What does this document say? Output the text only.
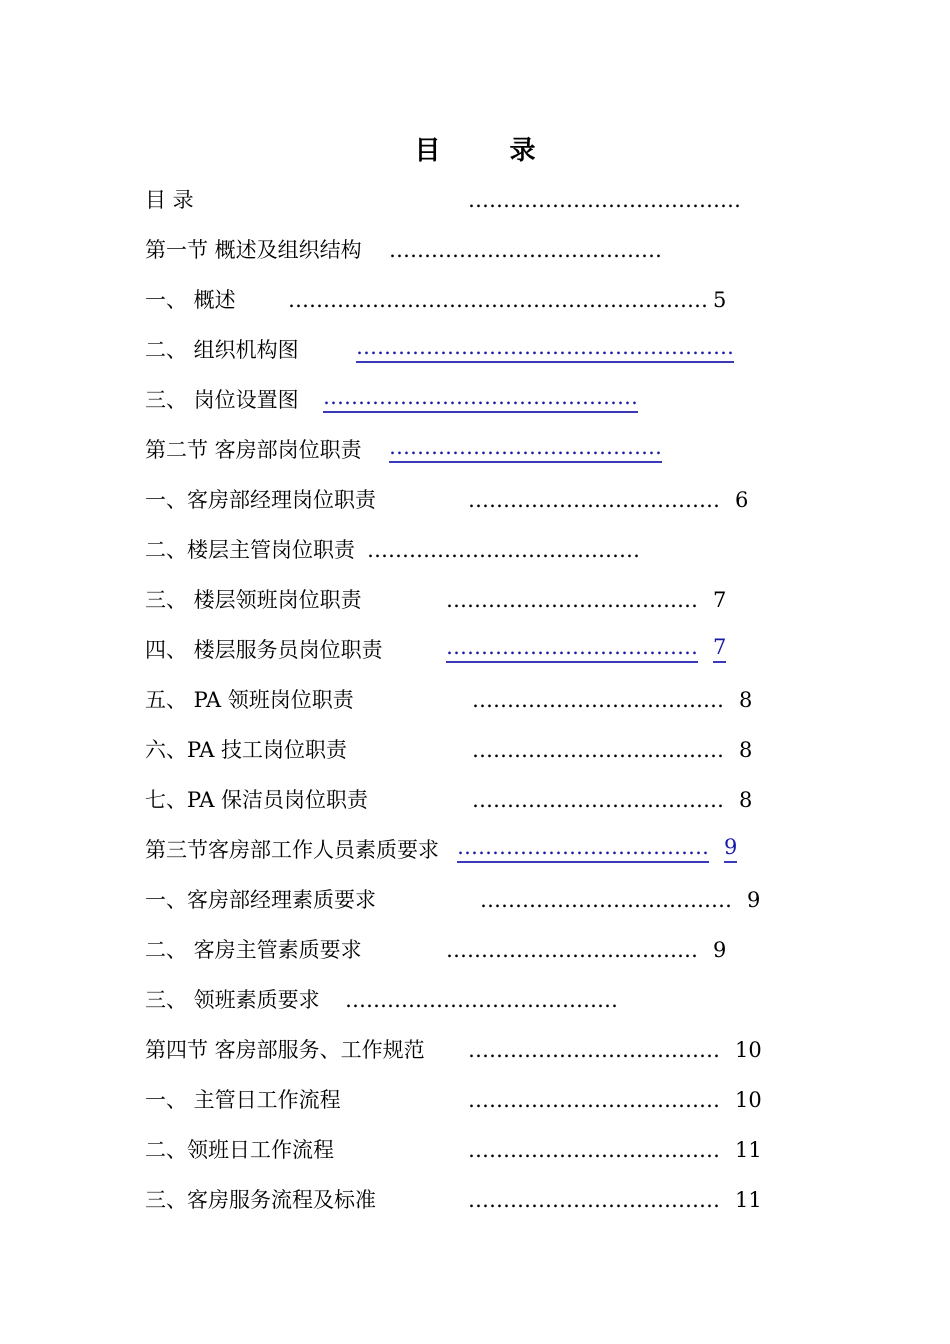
目 录
目 录	…………………………………
第一节 概述及组织结构 …………………………………
一、 概述 …………………………………………………… 5
二、 组织机构图	………………………………………………
三、 岗位设置图 ………………………………………
第二节 客房部岗位职责 …………………………………
一、客房部经理岗位职责	……………………………… 6
二、楼层主管岗位职责 …………………………………
三、 楼层领班岗位职责	……………………………… 7
四、 楼层服务员岗位职责	……………………………… 7
五、 PA 领班岗位职责	……………………………… 8
六、PA 技工岗位职责	……………………………… 8
七、PA 保洁员岗位职责	……………………………… 8
第三节客房部工作人员素质要求 ……………………………… 9
一、客房部经理素质要求	……………………………… 9
二、 客房主管素质要求	……………………………… 9
三、 领班素质要求 …………………………………
第四节 客房部服务、工作规范 ……………………………… 10
一、 主管日工作流程	……………………………… 10
二、领班日工作流程	……………………………… 11
三、客房服务流程及标准	……………………………… 11
